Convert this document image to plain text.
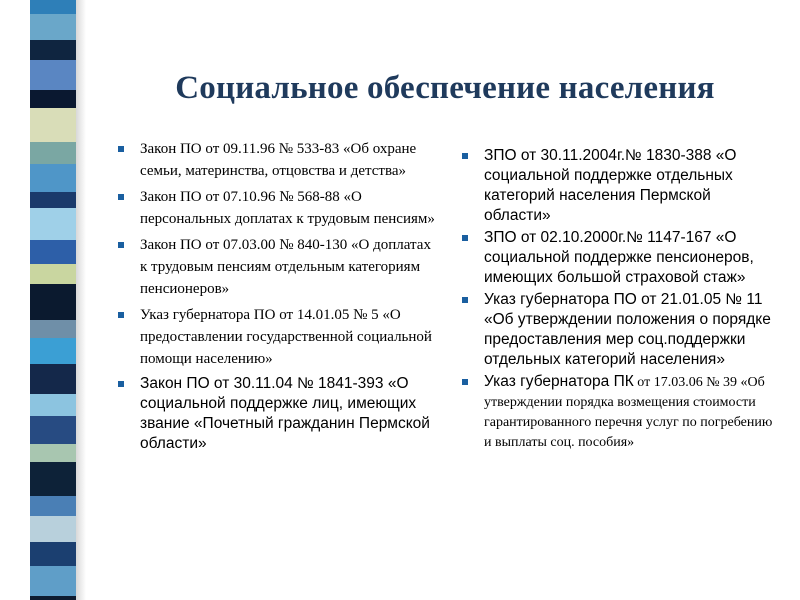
Социальное обеспечение населения
Закон ПО от 09.11.96 № 533-83 «Об охране семьи, материнства, отцовства и детства»
Закон ПО от 07.10.96 № 568-88 «О персональных доплатах к трудовым пенсиям»
Закон ПО от 07.03.00 № 840-130 «О доплатах к трудовым пенсиям отдельным категориям пенсионеров»
Указ губернатора ПО от 14.01.05 № 5 «О предоставлении государственной социальной помощи населению»
Закон ПО от 30.11.04 № 1841-393 «О социальной поддержке лиц, имеющих звание «Почетный гражданин Пермской области»
ЗПО от 30.11.2004г.№ 1830-388 «О социальной поддержке отдельных категорий населения Пермской области»
ЗПО от 02.10.2000г.№ 1147-167 «О социальной поддержке пенсионеров, имеющих большой страховой стаж»
Указ губернатора ПО от 21.01.05 № 11 «Об утверждении положения о порядке предоставления мер соц.поддержки отдельных категорий населения»
Указ губернатора ПК от 17.03.06 № 39 «Об утверждении порядка возмещения стоимости гарантированного перечня услуг по погребению и выплаты соц. пособия»
